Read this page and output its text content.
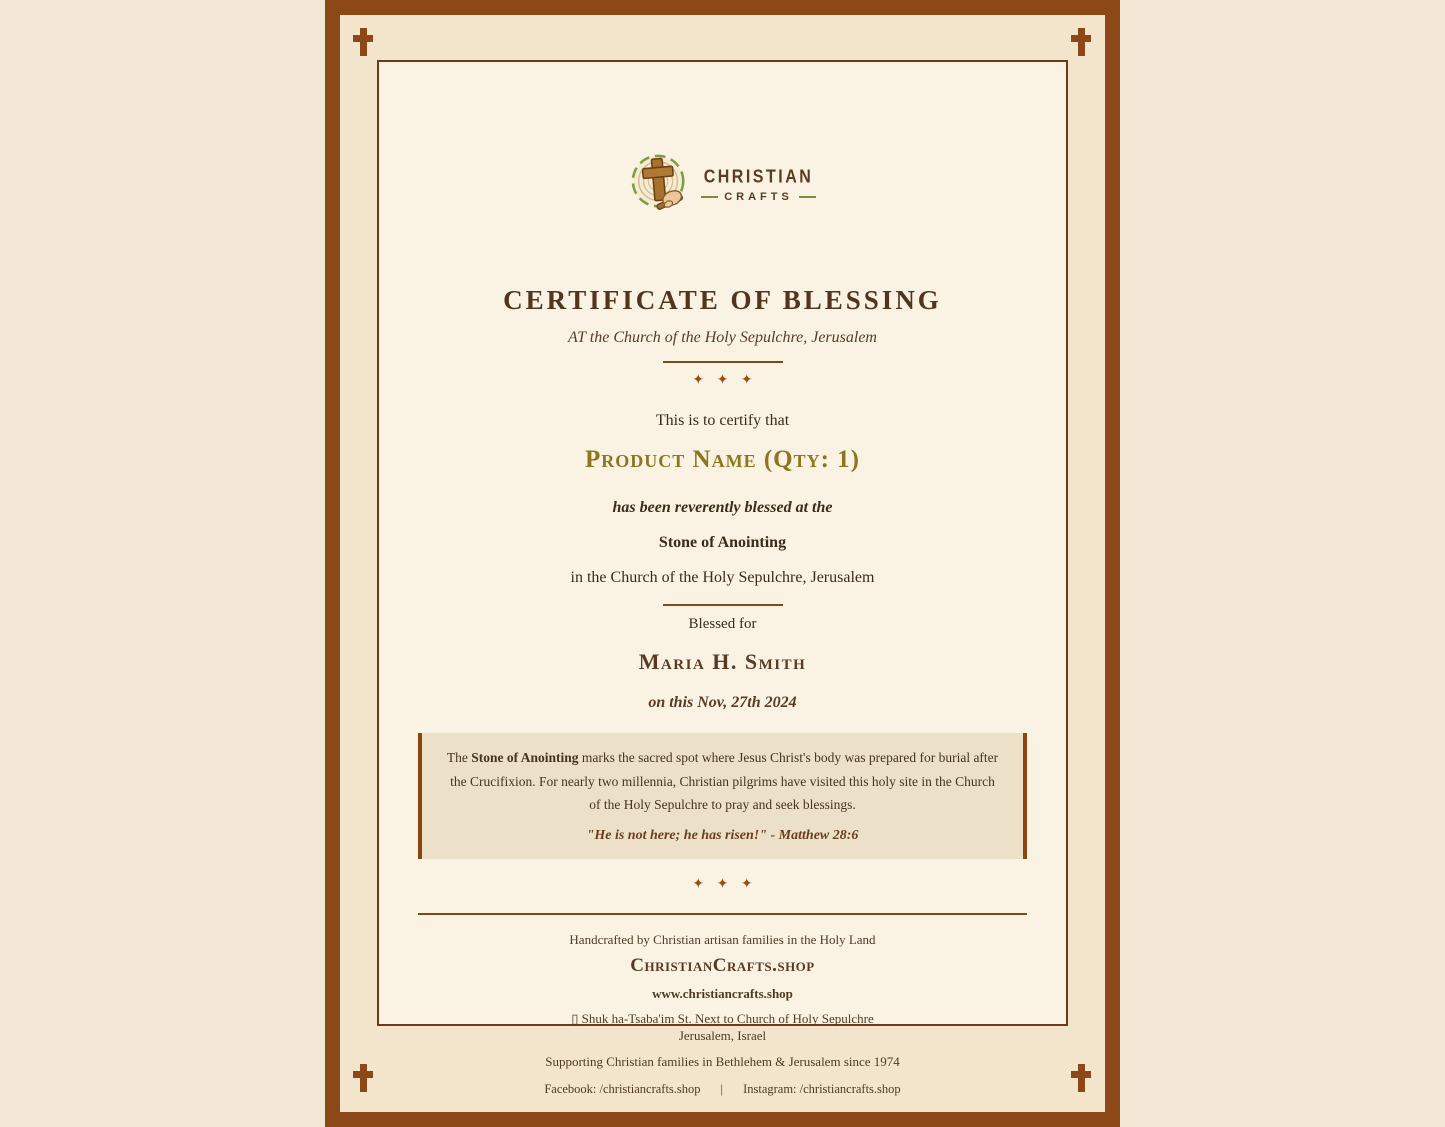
CHRISTIAN
CRAFTS
CERTIFICATE OF BLESSING
AT the Church of the Holy Sepulchre, Jerusalem
✦ ✦ ✦
This is to certify that
Product Name (Qty: 1)
has been reverently blessed at the
Stone of Anointing
in the Church of the Holy Sepulchre, Jerusalem
Blessed for
Maria H. Smith
on this Nov, 27th 2024

The Stone of Anointing marks the sacred spot where Jesus Christ's body was prepared for burial after the Crucifixion. For nearly two millennia, Christian pilgrims have visited this holy site in the Church of the Holy Sepulchre to pray and seek blessings.

"He is not here; he has risen!" - Matthew 28:6
✦ ✦ ✦
Handcrafted by Christian artisan families in the Holy Land
ChristianCrafts.shop
www.christiancrafts.shop
▯ Shuk ha-Tsaba'im St. Next to Church of Holy Sepulchre
Jerusalem, Israel
Supporting Christian families in Bethlehem & Jerusalem since 1974
Facebook: /christiancrafts.shop | Instagram: /christiancrafts.shop
